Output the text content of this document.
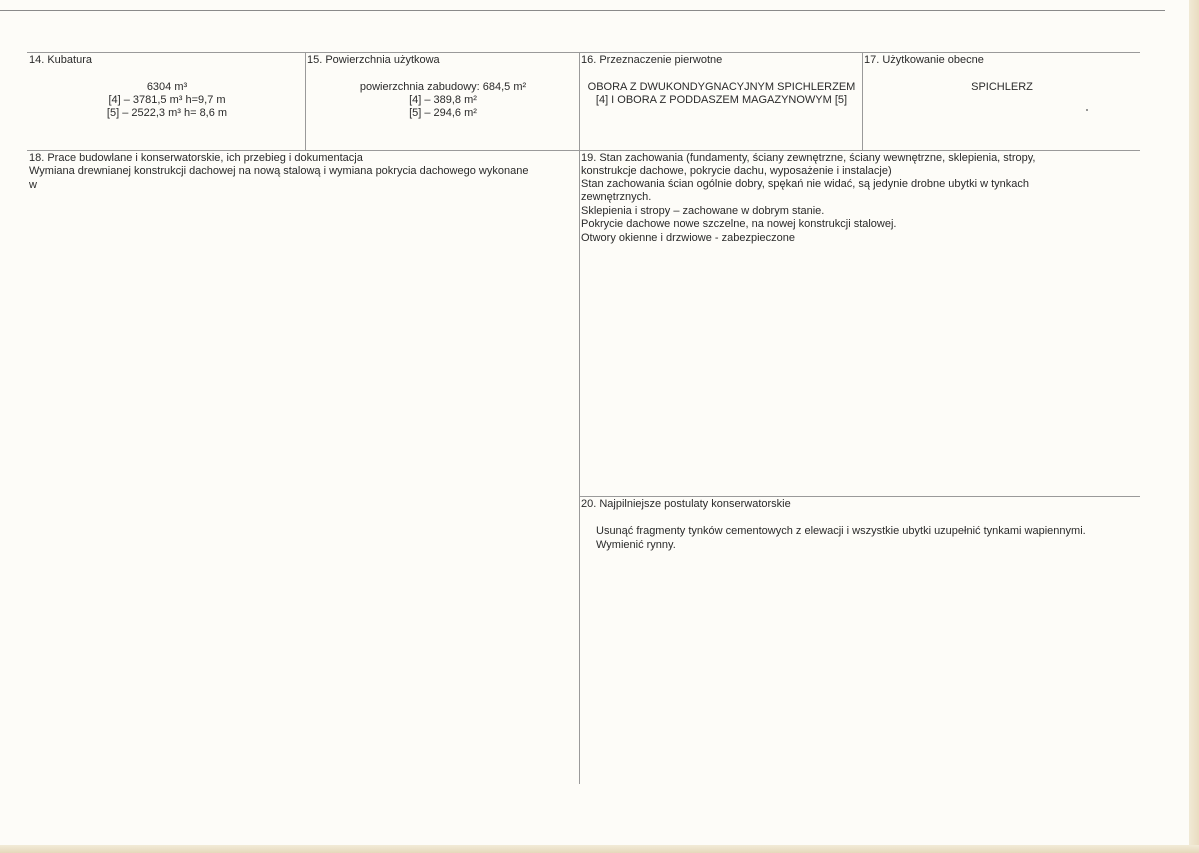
14. Kubatura
6304 m³
[4] – 3781,5 m³ h=9,7 m
[5] – 2522,3 m³ h= 8,6 m
15. Powierzchnia użytkowa
powierzchnia zabudowy: 684,5 m²
[4] – 389,8 m²
[5] – 294,6 m²
16. Przeznaczenie pierwotne
OBORA Z DWUKONDYGNACYJNYM SPICHLERZEM
[4] I OBORA Z PODDASZEM MAGAZYNOWYM [5]
17. Użytkowanie obecne
SPICHLERZ
18. Prace budowlane i konserwatorskie, ich przebieg i dokumentacja
Wymiana drewnianej konstrukcji dachowej na nową stalową i wymiana pokrycia dachowego wykonane
w
19. Stan zachowania (fundamenty, ściany zewnętrzne, ściany wewnętrzne, sklepienia, stropy,
konstrukcje dachowe, pokrycie dachu, wyposażenie i instalacje)
Stan zachowania ścian ogólnie dobry, spękań nie widać, są jedynie drobne ubytki w tynkach
zewnętrznych.
Sklepienia i stropy – zachowane w dobrym stanie.
Pokrycie dachowe nowe szczelne, na nowej konstrukcji stalowej.
Otwory okienne i drzwiowe - zabezpieczone
20. Najpilniejsze postulaty konserwatorskie
Usunąć fragmenty tynków cementowych z elewacji i wszystkie ubytki uzupełnić tynkami wapiennymi.
Wymienić rynny.
